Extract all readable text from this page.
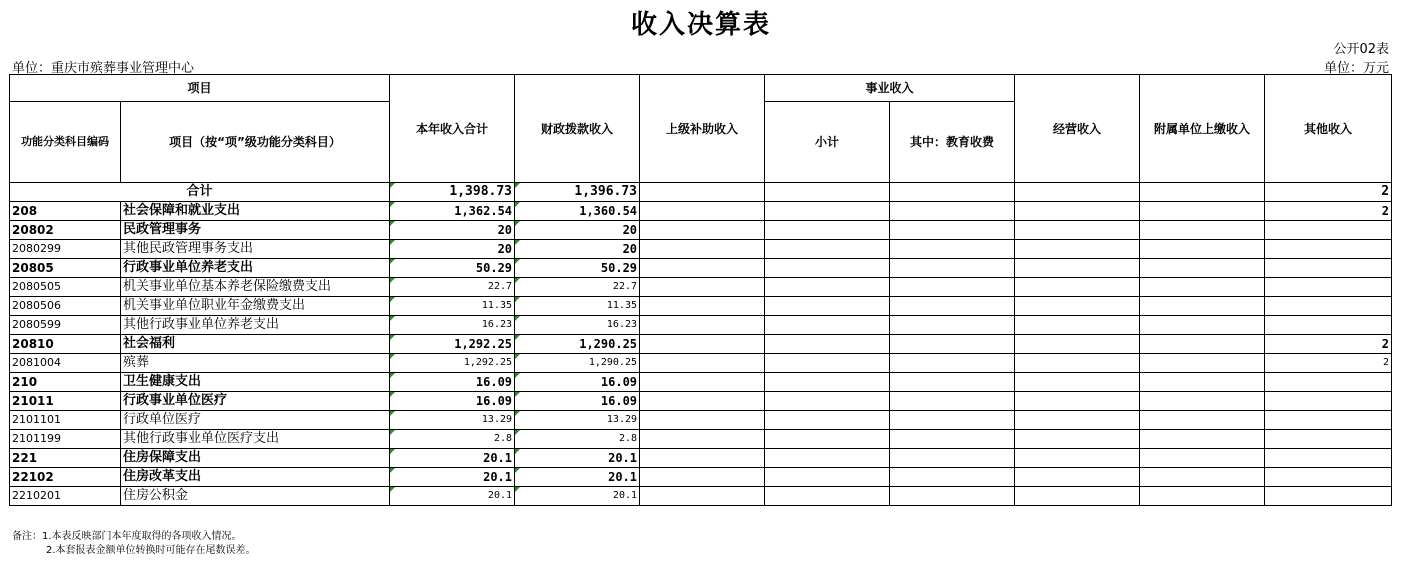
收入决算表
公开02表
单位：重庆市殡葬事业管理中心	单位：万元
项目		本年收入合计	财政拨款收入	上级补助收入	事业收入		经营收入	附属单位上缴收入	其他收入
功能分类科目编码	项目（按“项”级功能分类科目）				小计	其中：教育收费			
合计		1,398.73	1,396.73						2
208	社会保障和就业支出	1,362.54	1,360.54						2
20802	民政管理事务	20	20						
2080299	其他民政管理事务支出	20	20						
20805	行政事业单位养老支出	50.29	50.29						
2080505	机关事业单位基本养老保险缴费支出	22.7	22.7						
2080506	机关事业单位职业年金缴费支出	11.35	11.35						
2080599	其他行政事业单位养老支出	16.23	16.23						
20810	社会福利	1,292.25	1,290.25						2
2081004	殡葬	1,292.25	1,290.25						2
210	卫生健康支出	16.09	16.09						
21011	行政事业单位医疗	16.09	16.09						
2101101	行政单位医疗	13.29	13.29						
2101199	其他行政事业单位医疗支出	2.8	2.8						
221	住房保障支出	20.1	20.1						
22102	住房改革支出	20.1	20.1						
2210201	住房公积金	20.1	20.1						
备注：1.本表反映部门本年度取得的各项收入情况。
2.本套报表金额单位转换时可能存在尾数误差。
